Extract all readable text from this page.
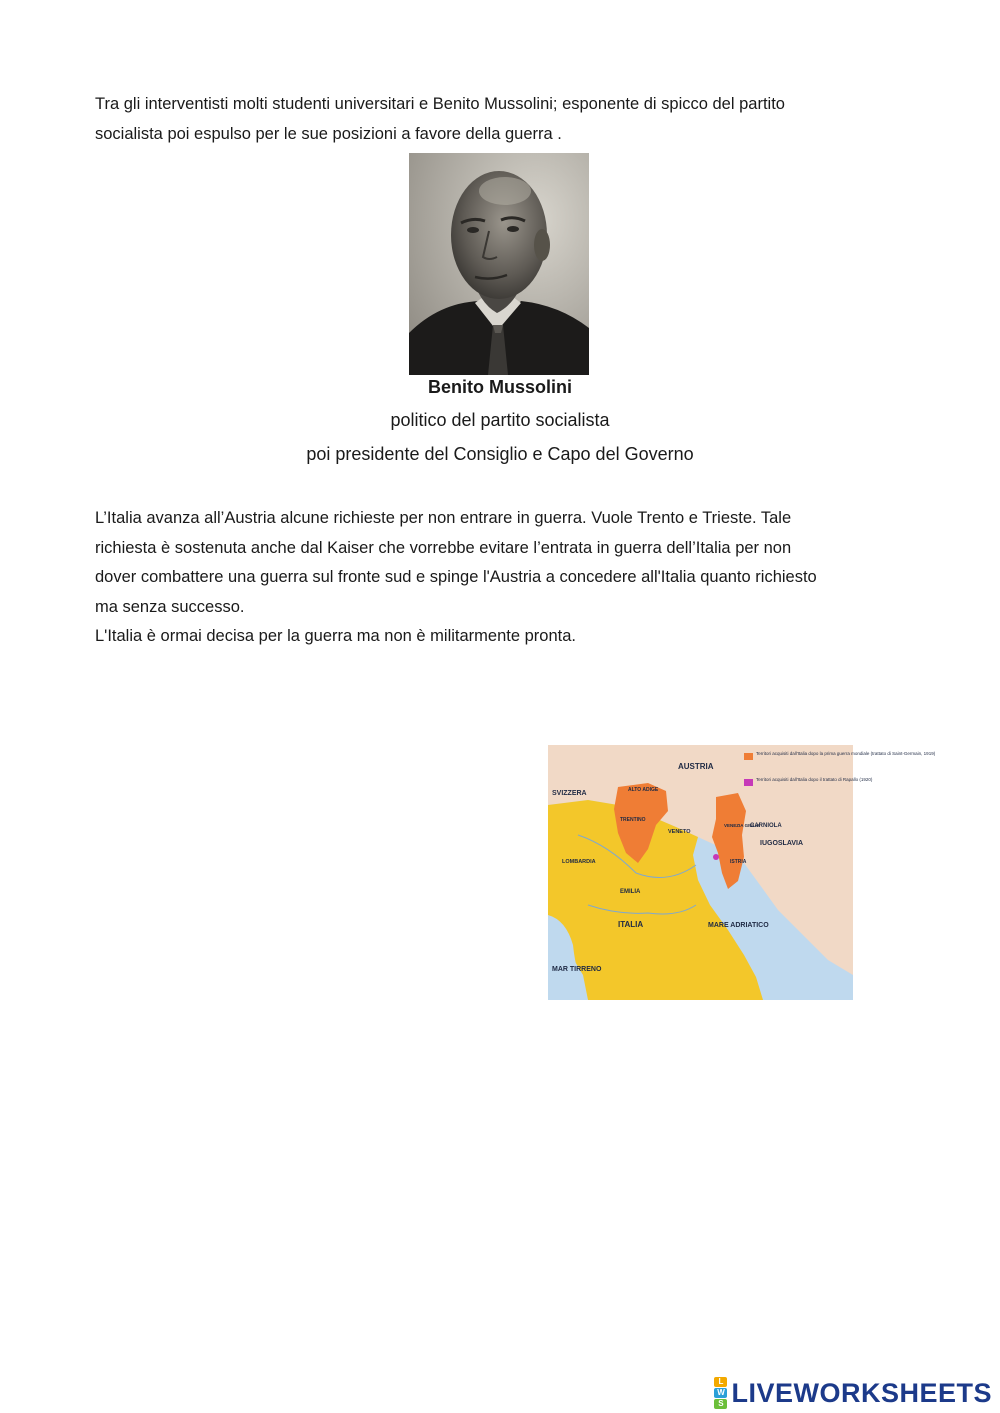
Tra gli interventisti molti studenti universitari e Benito Mussolini; esponente di spicco del partito
socialista poi espulso per le sue posizioni a favore della guerra .

Benito Mussolini

politico del partito socialista

poi presidente del Consiglio e Capo del Governo

L’Italia avanza all’Austria alcune richieste per non entrare in guerra. Vuole Trento e Trieste. Tale
richiesta è sostenuta anche dal Kaiser che vorrebbe evitare l’entrata in guerra dell’Italia per non
dover combattere una guerra sul fronte sud e spinge l'Austria a concedere all'Italia quanto richiesto
ma senza successo.
L'Italia è ormai decisa per la guerra ma non è militarmente pronta.

Territori acquisiti dall'Italia dopo la prima guerra mondiale (trattato di Saint-Germain, 1919)
Territori acquisiti dall'Italia dopo il trattato di Rapallo (1920)
AUSTRIA
SVIZZERA	ALTO ADIGE
TRENTINO
VENETO
VENEZIA GIULIA
ISTRIA
CARNIOLA
IUGOSLAVIA
LOMBARDIA
EMILIA
ITALIA	MARE ADRIATICO
MAR TIRRENO
L
W
S LIVEWORKSHEETS
